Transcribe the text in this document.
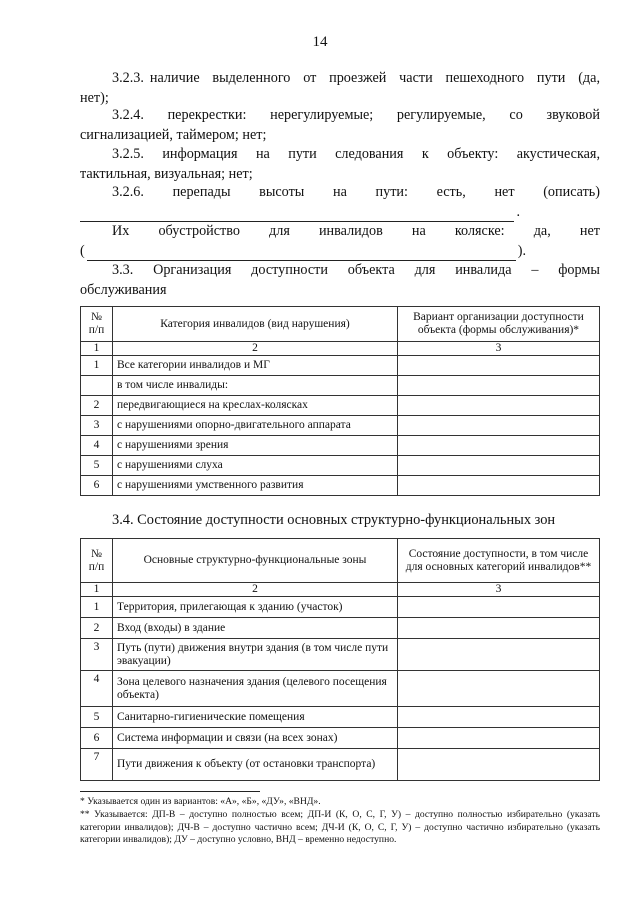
14
3.2.3. наличие выделенного от проезжей части пешеходного пути (да,
нет);
3.2.4. перекрестки: нерегулируемые; регулируемые, со звуковой
сигнализацией, таймером; нет;
3.2.5. информация на пути следования к объекту: акустическая,
тактильная, визуальная; нет;
3.2.6. перепады высоты на пути: есть, нет (описать)
.
Их обустройство для инвалидов на коляске: да, нет
(	).
3.3. Организация доступности объекта для инвалида – формы
обслуживания
№ п/п	Категория инвалидов (вид нарушения)	Вариант организации доступности объекта (формы обслуживания)*
1	2	3
1	Все категории инвалидов и МГ	
	в том числе инвалиды:	
2	передвигающиеся на креслах-колясках	
3	с нарушениями опорно-двигательного аппарата	
4	с нарушениями зрения	
5	с нарушениями слуха	
6	с нарушениями умственного развития	
3.4. Состояние доступности основных структурно-функциональных зон
№ п/п	Основные структурно-функциональные зоны	Состояние доступности, в том числе для основных категорий инвалидов**
1	2	3
1	Территория, прилегающая к зданию (участок)	
2	Вход (входы) в здание	
3	Путь (пути) движения внутри здания (в том числе пути эвакуации)	
4	Зона целевого назначения здания (целевого посещения объекта)	
5	Санитарно-гигиенические помещения	
6	Система информации и связи (на всех зонах)	
7	Пути движения к объекту (от остановки транспорта)	
* Указывается один из вариантов: «А», «Б», «ДУ», «ВНД».
** Указывается: ДП-В – доступно полностью всем; ДП-И (К, О, С, Г, У) – доступно полностью избирательно (указать категории инвалидов); ДЧ-В – доступно частично всем; ДЧ-И (К, О, С, Г, У) – доступно частично избирательно (указать категории инвалидов); ДУ – доступно условно, ВНД – временно недоступно.
